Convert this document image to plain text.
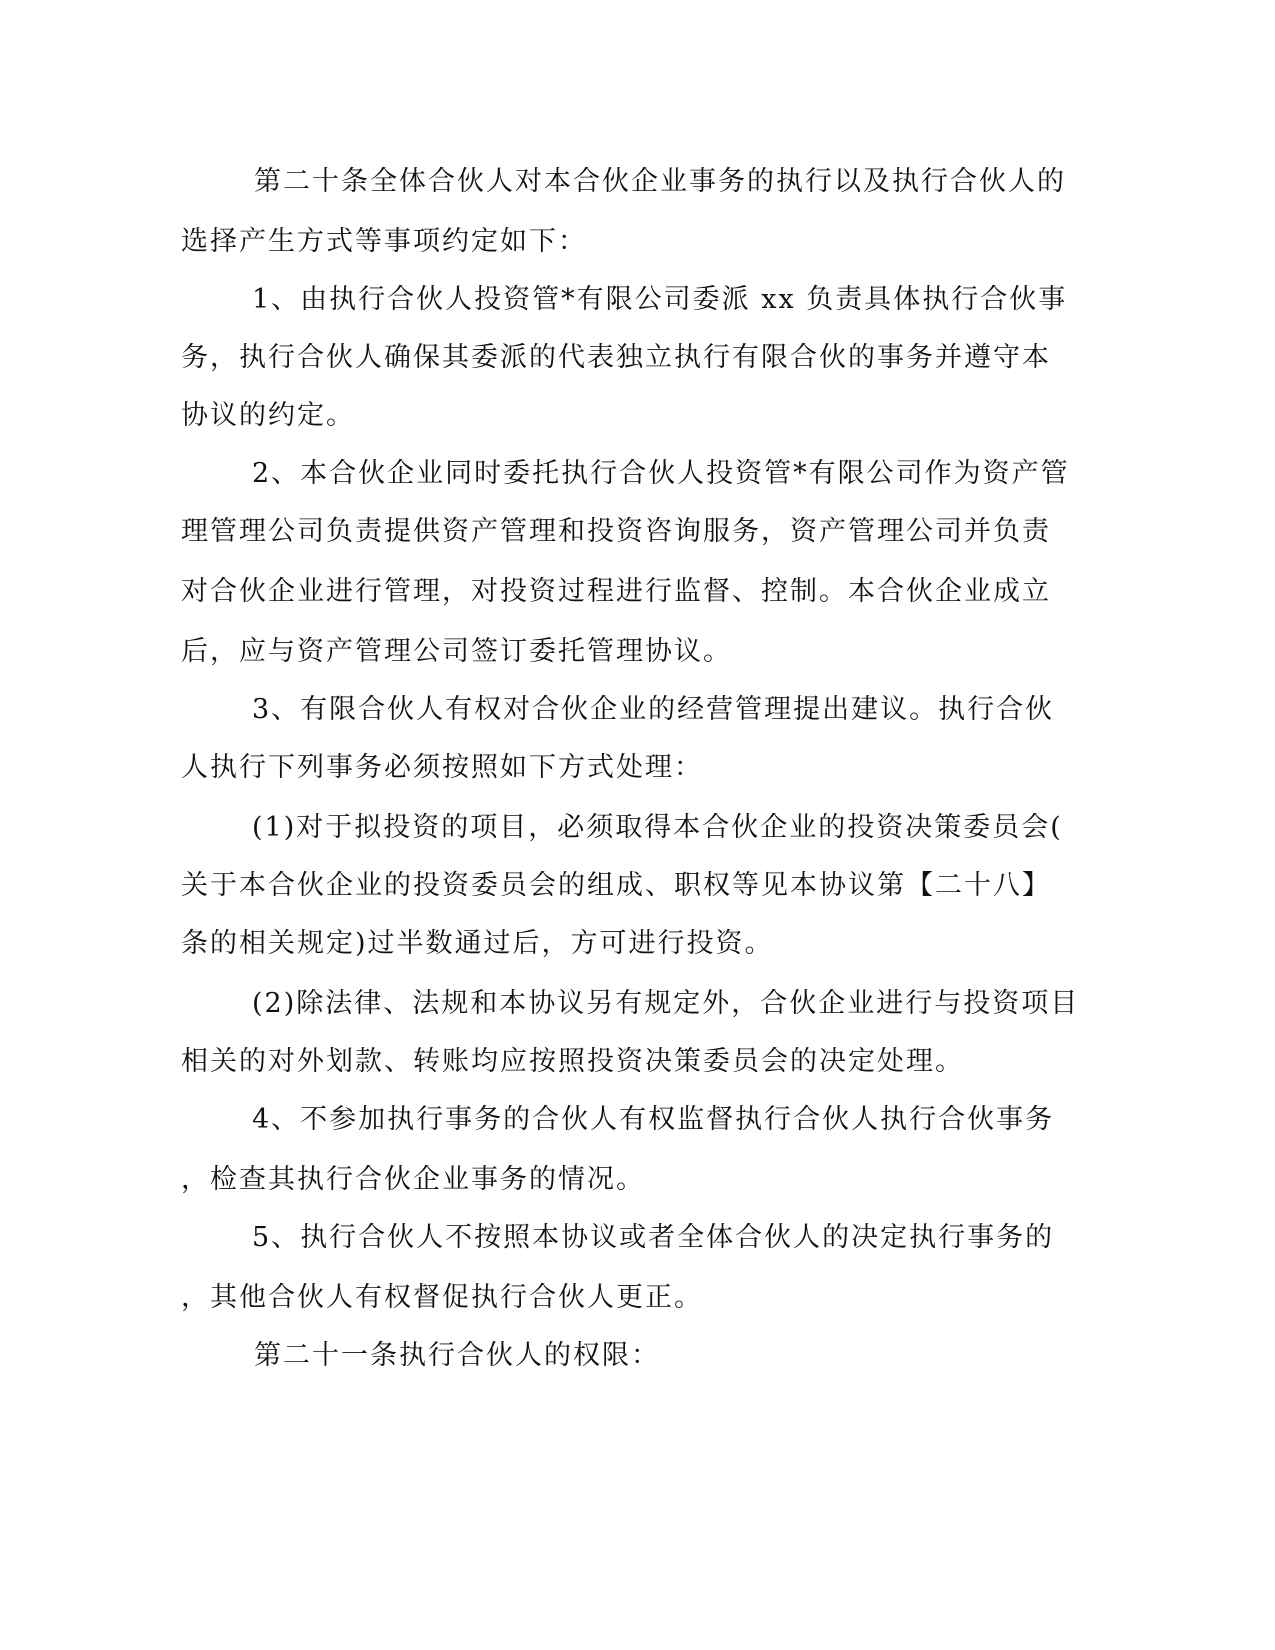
第二十条全体合伙人对本合伙企业事务的执行以及执行合伙人的
选择产生方式等事项约定如下：
1、由执行合伙人投资管*有限公司委派 xx 负责具体执行合伙事
务，执行合伙人确保其委派的代表独立执行有限合伙的事务并遵守本
协议的约定。
2、本合伙企业同时委托执行合伙人投资管*有限公司作为资产管
理管理公司负责提供资产管理和投资咨询服务，资产管理公司并负责
对合伙企业进行管理，对投资过程进行监督、控制。本合伙企业成立
后，应与资产管理公司签订委托管理协议。
3、有限合伙人有权对合伙企业的经营管理提出建议。执行合伙
人执行下列事务必须按照如下方式处理：
(1)对于拟投资的项目，必须取得本合伙企业的投资决策委员会(
关于本合伙企业的投资委员会的组成、职权等见本协议第【二十八】
条的相关规定)过半数通过后，方可进行投资。
(2)除法律、法规和本协议另有规定外，合伙企业进行与投资项目
相关的对外划款、转账均应按照投资决策委员会的决定处理。
4、不参加执行事务的合伙人有权监督执行合伙人执行合伙事务
，检查其执行合伙企业事务的情况。
5、执行合伙人不按照本协议或者全体合伙人的决定执行事务的
，其他合伙人有权督促执行合伙人更正。
第二十一条执行合伙人的权限：
